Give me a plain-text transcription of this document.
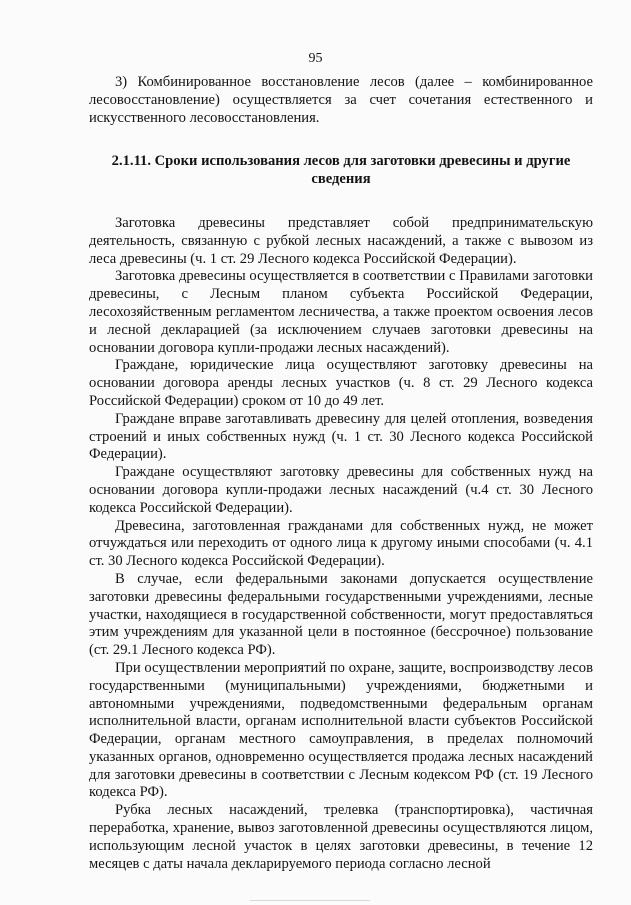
95

3) Комбинированное восстановление лесов (далее – комбинированное лесовосстановление) осуществляется за счет сочетания естественного и искусственного лесовосстановления.

2.1.11. Сроки использования лесов для заготовки древесины и другие сведения

Заготовка древесины представляет собой предпринимательскую деятельность, связанную с рубкой лесных насаждений, а также с вывозом из леса древесины (ч. 1 ст. 29 Лесного кодекса Российской Федерации).

Заготовка древесины осуществляется в соответствии с Правилами заготовки древесины, с Лесным планом субъекта Российской Федерации, лесохозяйственным регламентом лесничества, а также проектом освоения лесов и лесной декларацией (за исключением случаев заготовки древесины на основании договора купли-продажи лесных насаждений).

Граждане, юридические лица осуществляют заготовку древесины на основании договора аренды лесных участков (ч. 8 ст. 29 Лесного кодекса Российской Федерации) сроком от 10 до 49 лет.

Граждане вправе заготавливать древесину для целей отопления, возведения строений и иных собственных нужд (ч. 1 ст. 30 Лесного кодекса Российской Федерации).

Граждане осуществляют заготовку древесины для собственных нужд на основании договора купли-продажи лесных насаждений (ч.4 ст. 30 Лесного кодекса Российской Федерации).

Древесина, заготовленная гражданами для собственных нужд, не может отчуждаться или переходить от одного лица к другому иными способами (ч. 4.1 ст. 30 Лесного кодекса Российской Федерации).

В случае, если федеральными законами допускается осуществление заготовки древесины федеральными государственными учреждениями, лесные участки, находящиеся в государственной собственности, могут предоставляться этим учреждениям для указанной цели в постоянное (бессрочное) пользование (ст. 29.1 Лесного кодекса РФ).

При осуществлении мероприятий по охране, защите, воспроизводству лесов государственными (муниципальными) учреждениями, бюджетными и автономными учреждениями, подведомственными федеральным органам исполнительной власти, органам исполнительной власти субъектов Российской Федерации, органам местного самоуправления, в пределах полномочий указанных органов, одновременно осуществляется продажа лесных насаждений для заготовки древесины в соответствии с Лесным кодексом РФ (ст. 19 Лесного кодекса РФ).

Рубка лесных насаждений, трелевка (транспортировка), частичная переработка, хранение, вывоз заготовленной древесины осуществляются лицом, использующим лесной участок в целях заготовки древесины, в течение 12 месяцев с даты начала декларируемого периода согласно лесной
